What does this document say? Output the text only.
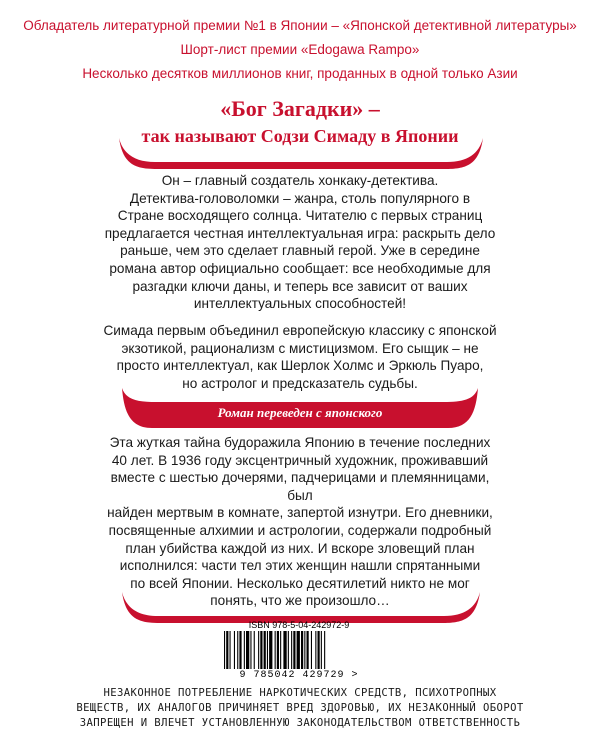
Обладатель литературной премии №1 в Японии – «Японской детективной литературы»
Шорт-лист премии «Edogawa Rampo»
Несколько десятков миллионов книг, проданных в одной только Азии
«Бог Загадки» –
так называют Содзи Симаду в Японии
Он – главный создатель хонкаку-детектива.
Детектива-головоломки – жанра, столь популярного в
Стране восходящего солнца. Читателю с первых страниц
предлагается честная интеллектуальная игра: раскрыть дело
раньше, чем это сделает главный герой. Уже в середине
романа автор официально сообщает: все необходимые для
разгадки ключи даны, и теперь все зависит от ваших
интеллектуальных способностей!
Симада первым объединил европейскую классику с японской
экзотикой, рационализм с мистицизмом. Его сыщик – не
просто интеллектуал, как Шерлок Холмс и Эркюль Пуаро,
но астролог и предсказатель судьбы.
Роман переведен с японского
Эта жуткая тайна будоражила Японию в течение последних
40 лет. В 1936 году эксцентричный художник, проживавший
вместе с шестью дочерями, падчерицами и племянницами, был
найден мертвым в комнате, запертой изнутри. Его дневники,
посвященные алхимии и астрологии, содержали подробный
план убийства каждой из них. И вскоре зловещий план
исполнился: части тел этих женщин нашли спрятанными
по всей Японии. Несколько десятилетий никто не мог
понять, что же произошло…
ISBN 978-5-04-242972-9
9 785042 429729 >
НЕЗАКОННОЕ ПОТРЕБЛЕНИЕ НАРКОТИЧЕСКИХ СРЕДСТВ, ПСИХОТРОПНЫХ
ВЕЩЕСТВ, ИХ АНАЛОГОВ ПРИЧИНЯЕТ ВРЕД ЗДОРОВЬЮ, ИХ НЕЗАКОННЫЙ ОБОРОТ
ЗАПРЕЩЕН И ВЛЕЧЕТ УСТАНОВЛЕННУЮ ЗАКОНОДАТЕЛЬСТВОМ ОТВЕТСТВЕННОСТЬ
